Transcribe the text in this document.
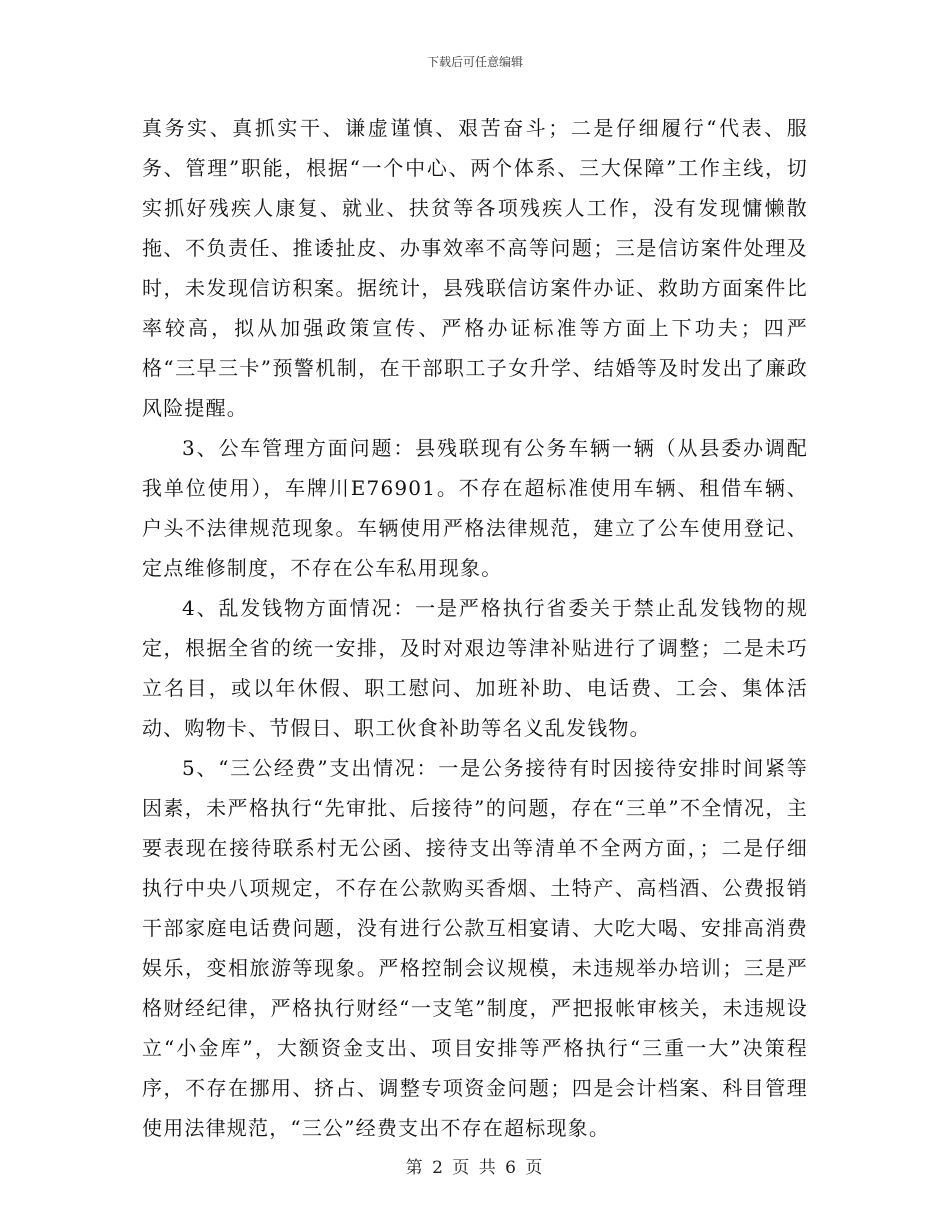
下载后可任意编辑

真务实、真抓实干、谦虚谨慎、艰苦奋斗；二是仔细履行“代表、服务、管理”职能，根据“一个中心、两个体系、三大保障”工作主线，切实抓好残疾人康复、就业、扶贫等各项残疾人工作，没有发现慵懒散拖、不负责任、推诿扯皮、办事效率不高等问题；三是信访案件处理及时，未发现信访积案。据统计，县残联信访案件办证、救助方面案件比率较高，拟从加强政策宣传、严格办证标准等方面上下功夫；四严格“三早三卡”预警机制，在干部职工子女升学、结婚等及时发出了廉政风险提醒。

3、公车管理方面问题：县残联现有公务车辆一辆（从县委办调配我单位使用），车牌川E76901。不存在超标准使用车辆、租借车辆、户头不法律规范现象。车辆使用严格法律规范，建立了公车使用登记、定点维修制度，不存在公车私用现象。

4、乱发钱物方面情况：一是严格执行省委关于禁止乱发钱物的规定，根据全省的统一安排，及时对艰边等津补贴进行了调整；二是未巧立名目，或以年休假、职工慰问、加班补助、电话费、工会、集体活动、购物卡、节假日、职工伙食补助等名义乱发钱物。

5、“三公经费”支出情况：一是公务接待有时因接待安排时间紧等因素，未严格执行“先审批、后接待”的问题，存在“三单”不全情况，主要表现在接待联系村无公函、接待支出等清单不全两方面，；二是仔细执行中央八项规定，不存在公款购买香烟、土特产、高档酒、公费报销干部家庭电话费问题，没有进行公款互相宴请、大吃大喝、安排高消费娱乐，变相旅游等现象。严格控制会议规模，未违规举办培训；三是严格财经纪律，严格执行财经“一支笔”制度，严把报帐审核关，未违规设立“小金库”，大额资金支出、项目安排等严格执行“三重一大”决策程序，不存在挪用、挤占、调整专项资金问题；四是会计档案、科目管理使用法律规范，“三公”经费支出不存在超标现象。

第 2 页 共 6 页
